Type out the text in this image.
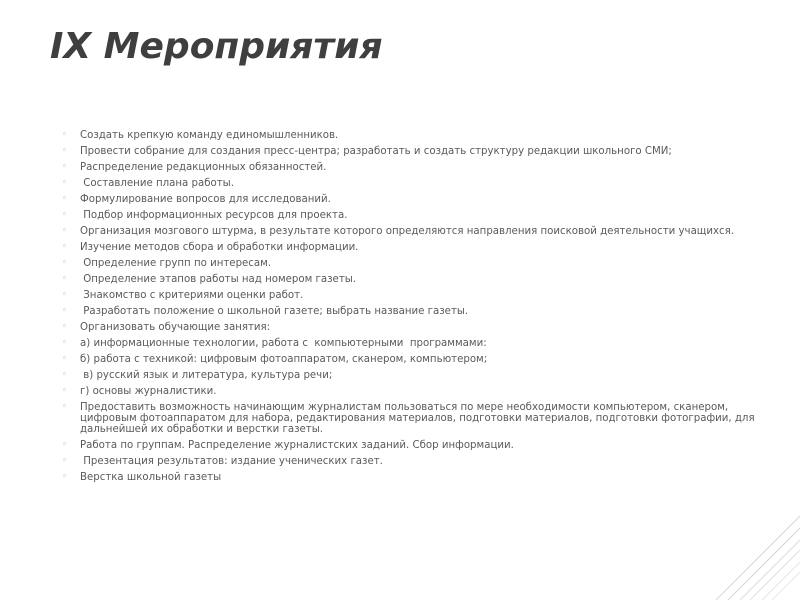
IX Мероприятия
◦ Создать крепкую команду единомышленников.
◦ Провести собрание для создания пресс-центра; разработать и создать структуру редакции школьного СМИ;
◦ Распределение редакционных обязанностей.
◦ Составление плана работы.
◦ Формулирование вопросов для исследований.
◦ Подбор информационных ресурсов для проекта.
◦ Организация мозгового штурма, в результате которого определяются направления поисковой деятельности учащихся.
◦ Изучение методов сбора и обработки информации.
◦ Определение групп по интересам.
◦ Определение этапов работы над номером газеты.
◦ Знакомство с критериями оценки работ.
◦ Разработать положение о школьной газете; выбрать название газеты.
◦ Организовать обучающие занятия:
◦ а) информационные технологии, работа с  компьютерными  программами:
◦ б) работа с техникой: цифровым фотоаппаратом, сканером, компьютером;
◦ в) русский язык и литература, культура речи;
◦ г) основы журналистики.
◦ Предоставить возможность начинающим журналистам пользоваться по мере необходимости компьютером, сканером, цифровым фотоаппаратом для набора, редактирования материалов, подготовки материалов, подготовки фотографии, для дальнейшей их обработки и верстки газеты.
◦ Работа по группам. Распределение журналистских заданий. Сбор информации.
◦ Презентация результатов: издание ученических газет.
◦ Верстка школьной газеты
